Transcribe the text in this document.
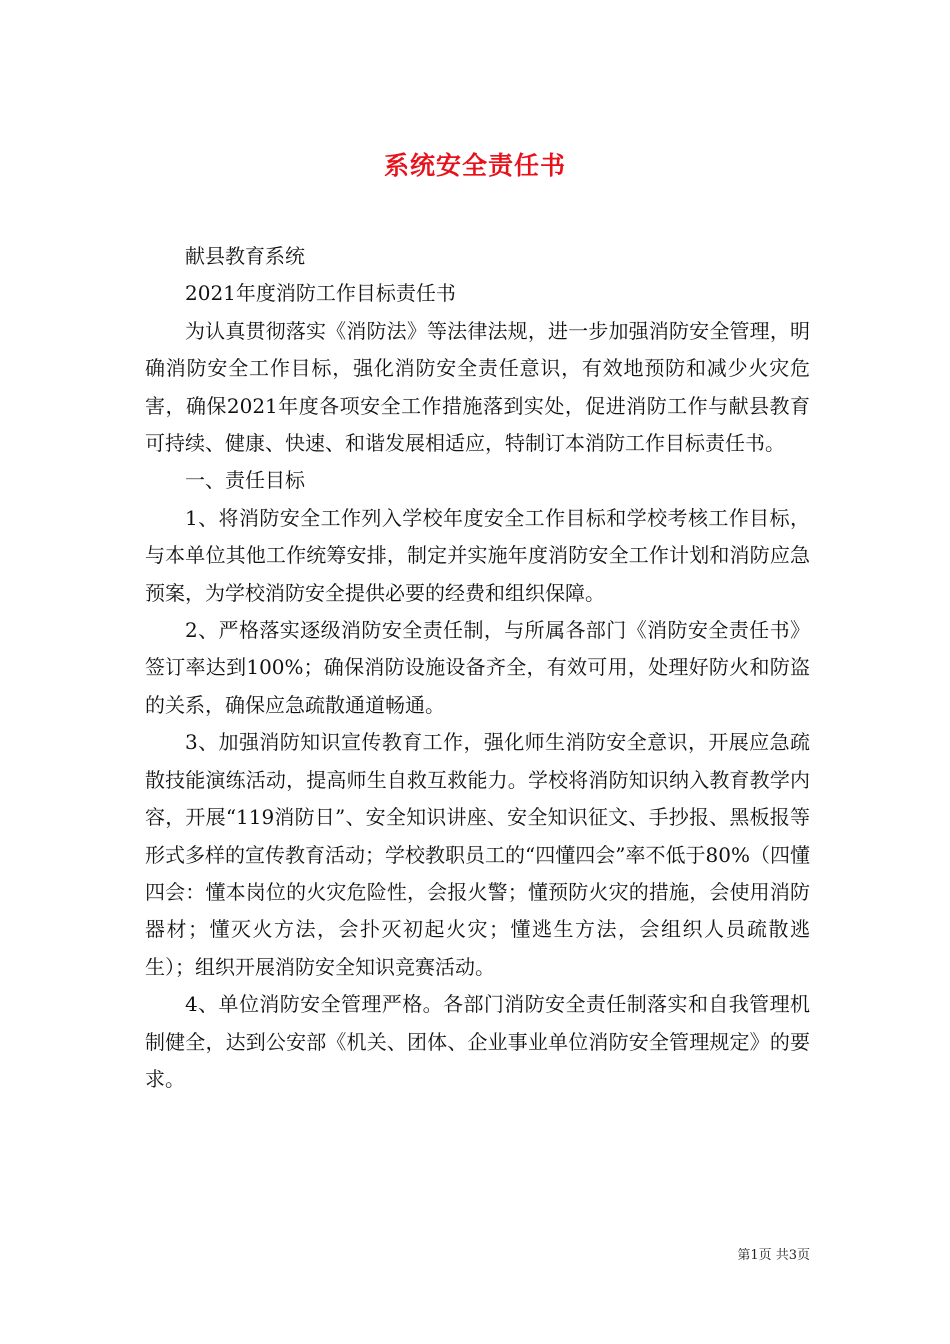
系统安全责任书

献县教育系统

2021年度消防工作目标责任书

为认真贯彻落实《消防法》等法律法规，进一步加强消防安全管理，明确消防安全工作目标，强化消防安全责任意识，有效地预防和减少火灾危害，确保2021年度各项安全工作措施落到实处，促进消防工作与献县教育可持续、健康、快速、和谐发展相适应，特制订本消防工作目标责任书。

一、责任目标

1、将消防安全工作列入学校年度安全工作目标和学校考核工作目标，与本单位其他工作统筹安排，制定并实施年度消防安全工作计划和消防应急预案，为学校消防安全提供必要的经费和组织保障。

2、严格落实逐级消防安全责任制，与所属各部门《消防安全责任书》签订率达到100%；确保消防设施设备齐全，有效可用，处理好防火和防盗的关系，确保应急疏散通道畅通。

3、加强消防知识宣传教育工作，强化师生消防安全意识，开展应急疏散技能演练活动，提高师生自救互救能力。学校将消防知识纳入教育教学内容，开展“119消防日”、安全知识讲座、安全知识征文、手抄报、黑板报等形式多样的宣传教育活动；学校教职员工的“四懂四会”率不低于80%（四懂四会：懂本岗位的火灾危险性，会报火警；懂预防火灾的措施，会使用消防器材；懂灭火方法，会扑灭初起火灾；懂逃生方法，会组织人员疏散逃生）；组织开展消防安全知识竞赛活动。

4、单位消防安全管理严格。各部门消防安全责任制落实和自我管理机制健全，达到公安部《机关、团体、企业事业单位消防安全管理规定》的要求。

第1页 共3页
